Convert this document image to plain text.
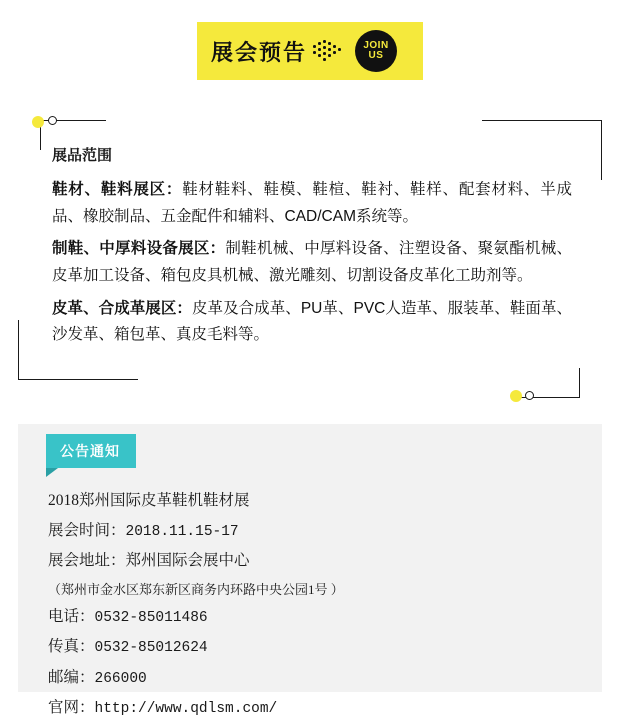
展会预告	JOIN
US
展品范围

鞋材、鞋料展区：鞋材鞋料、鞋模、鞋楦、鞋衬、鞋样、配套材料、半成品、橡胶制品、五金配件和辅料、CAD/CAM系统等。

制鞋、中厚料设备展区：制鞋机械、中厚料设备、注塑设备、聚氨酯机械、皮革加工设备、箱包皮具机械、激光雕刻、切割设备皮革化工助剂等。

皮革、合成革展区：皮革及合成革、PU革、PVC人造革、服装革、鞋面革、沙发革、箱包革、真皮毛料等。

公告通知
2018郑州国际皮革鞋机鞋材展
展会时间：2018.11.15-17
展会地址：郑州国际会展中心
（郑州市金水区郑东新区商务内环路中央公园1号 ）
电话：0532-85011486
传真：0532-85012624
邮编：266000
官网：http://www.qdlsm.com/
